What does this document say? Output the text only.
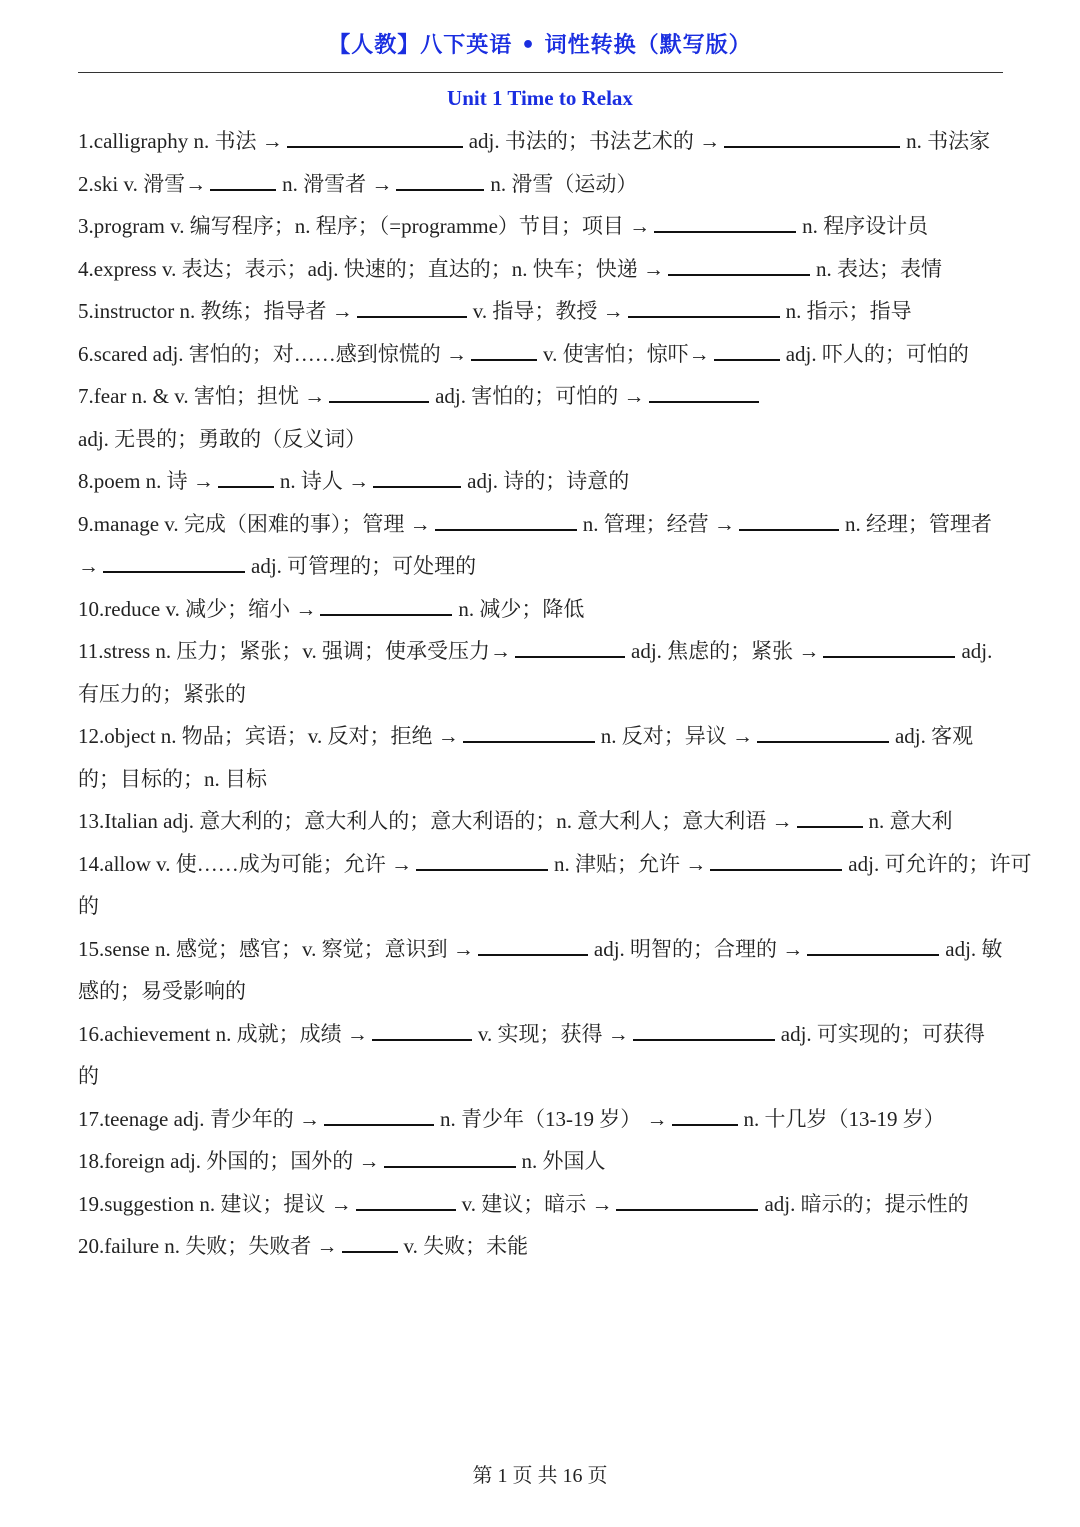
【人教】八下英语 • 词性转换（默写版）
Unit 1 Time to Relax

1.calligraphy n. 书法 →	adj. 书法的；书法艺术的 →	n. 书法家

2.ski v. 滑雪→	n. 滑雪者 →	n. 滑雪（运动）

3.program v. 编写程序；n. 程序；（=programme）节目；项目 →	n. 程序设计员

4.express v. 表达；表示；adj. 快速的；直达的；n. 快车；快递 →	n. 表达；表情

5.instructor n. 教练；指导者 →	v. 指导；教授 →	n. 指示；指导

6.scared adj. 害怕的；对……感到惊慌的 →	v. 使害怕；惊吓→	adj. 吓人的；可怕的

7.fear n. & v. 害怕；担忧 →	adj. 害怕的；可怕的 →adj. 无畏的；勇敢的（反义词）

8.poem n. 诗 →	n. 诗人 →	adj. 诗的；诗意的

9.manage v. 完成（困难的事）；管理 →	n. 管理；经营 →	n. 经理；管理者 →	adj. 可管理的；可处理的

10.reduce v. 减少；缩小 →	n. 减少；降低

11.stress n. 压力；紧张；v. 强调；使承受压力→	adj. 焦虑的；紧张 →	adj. 有压力的；紧张的

12.object n. 物品；宾语；v. 反对；拒绝 →	n. 反对；异议 →	adj. 客观的；目标的；n. 目标

13.Italian adj. 意大利的；意大利人的；意大利语的；n. 意大利人；意大利语 →	n. 意大利

14.allow v. 使……成为可能；允许 →	n. 津贴；允许 →	adj. 可允许的；许可的

15.sense n. 感觉；感官；v. 察觉；意识到 →	adj. 明智的；合理的 →	adj. 敏感的；易受影响的

16.achievement n. 成就；成绩 →	v. 实现；获得 →	adj. 可实现的；可获得的

17.teenage adj. 青少年的 →	n. 青少年（13-19 岁） →	n. 十几岁（13-19 岁）

18.foreign adj. 外国的；国外的 →	n. 外国人

19.suggestion n. 建议；提议 →	v. 建议；暗示 →	adj. 暗示的；提示性的

20.failure n. 失败；失败者 →	v. 失败；未能

第 1 页 共 16 页
